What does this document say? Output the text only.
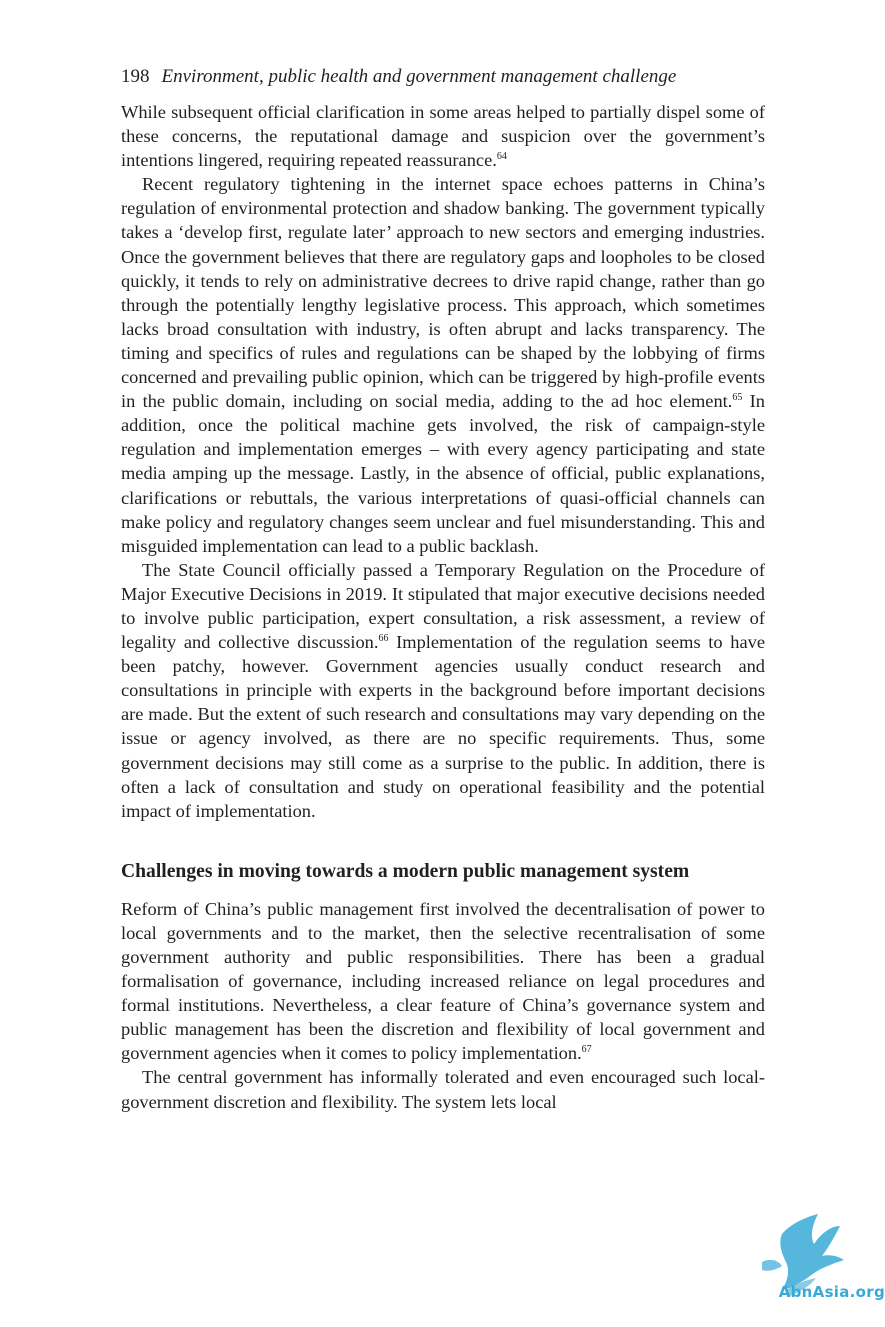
198 Environment, public health and government management challenge

While subsequent official clarification in some areas helped to partially dispel some of these concerns, the reputational damage and suspicion over the government’s intentions lingered, requiring repeated reassurance.$^{64}$

Recent regulatory tightening in the internet space echoes patterns in China’s regulation of environmental protection and shadow banking. The government typically takes a ‘develop first, regulate later’ approach to new sectors and emerging industries. Once the government believes that there are regulatory gaps and loopholes to be closed quickly, it tends to rely on administrative decrees to drive rapid change, rather than go through the potentially lengthy legislative process. This approach, which sometimes lacks broad consultation with industry, is often abrupt and lacks transparency. The timing and specifics of rules and regulations can be shaped by the lobbying of firms concerned and prevailing public opinion, which can be triggered by high-profile events in the public domain, including on social media, adding to the ad hoc element.$^{65}$ In addition, once the political machine gets involved, the risk of campaign-style regulation and implementation emerges – with every agency participating and state media amping up the message. Lastly, in the absence of official, public explanations, clarifications or rebuttals, the various interpretations of quasi-official channels can make policy and regulatory changes seem unclear and fuel misunderstanding. This and misguided implementation can lead to a public backlash.

The State Council officially passed a Temporary Regulation on the Procedure of Major Executive Decisions in 2019. It stipulated that major executive decisions needed to involve public participation, expert consultation, a risk assessment, a review of legality and collective discussion.$^{66}$ Implementation of the regulation seems to have been patchy, however. Government agencies usually conduct research and consultations in principle with experts in the background before important decisions are made. But the extent of such research and consultations may vary depending on the issue or agency involved, as there are no specific requirements. Thus, some government decisions may still come as a surprise to the public. In addition, there is often a lack of consultation and study on operational feasibility and the potential impact of implementation.

Challenges in moving towards a modern public management system

Reform of China’s public management first involved the decentralisation of power to local governments and to the market, then the selective recentralisation of some government authority and public responsibilities. There has been a gradual formalisation of governance, including increased reliance on legal procedures and formal institutions. Nevertheless, a clear feature of China’s governance system and public management has been the discretion and flexibility of local government and government agencies when it comes to policy implementation.$^{67}$

The central government has informally tolerated and even encouraged such local-government discretion and flexibility. The system lets local

AbnAsia.org
